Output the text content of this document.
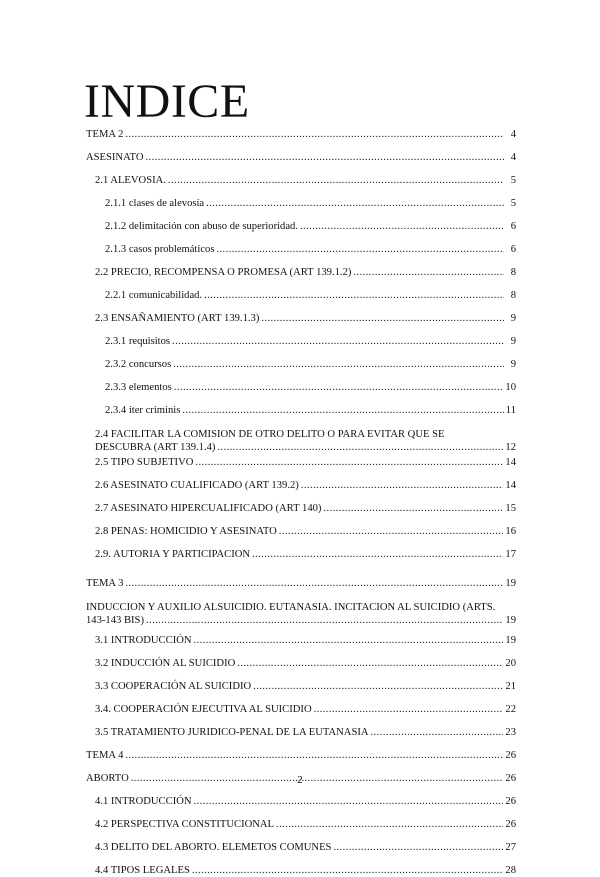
INDICE
TEMA 2 .....	4
ASESINATO .....	4
2.1 ALEVOSIA. .....	5
2.1.1 clases de alevosía .....	5
2.1.2 delimitación con abuso de superioridad. .....	6
2.1.3 casos problemáticos .....	6
2.2 PRECIO, RECOMPENSA O PROMESA (ART 139.1.2) .....	8
2.2.1 comunicabilidad. .....	8
2.3 ENSAÑAMIENTO (ART 139.1.3) .....	9
2.3.1 requisitos .....	9
2.3.2 concursos .....	9
2.3.3 elementos .....	10
2.3.4 iter criminis .....	11
2.4 FACILITAR LA COMISION DE OTRO DELITO O PARA EVITAR QUE SE
DESCUBRA (ART 139.1.4) .....	12
2.5 TIPO SUBJETIVO .....	14
2.6 ASESINATO CUALIFICADO (ART 139.2) .....	14
2.7 ASESINATO HIPERCUALIFICADO (ART 140) .....	15
2.8 PENAS: HOMICIDIO Y ASESINATO .....	16
2.9. AUTORIA Y PARTICIPACION .....	17
TEMA 3 .....	19
INDUCCION Y AUXILIO ALSUICIDIO. EUTANASIA. INCITACION AL SUICIDIO (ARTS.
143-143 BIS) .....	19
3.1 INTRODUCCIÓN .....	19
3.2 INDUCCIÓN AL SUICIDIO .....	20
3.3 COOPERACIÓN AL SUICIDIO .....	21
3.4. COOPERACIÓN EJECUTIVA AL SUICIDIO .....	22
3.5 TRATAMIENTO JURIDICO-PENAL DE LA EUTANASIA .....	23
TEMA 4 .....	26
ABORTO .....	26
4.1 INTRODUCCIÓN .....	26
4.2 PERSPECTIVA CONSTITUCIONAL .....	26
4.3 DELITO DEL ABORTO. ELEMETOS COMUNES .....	27
4.4 TIPOS LEGALES .....	28
2
